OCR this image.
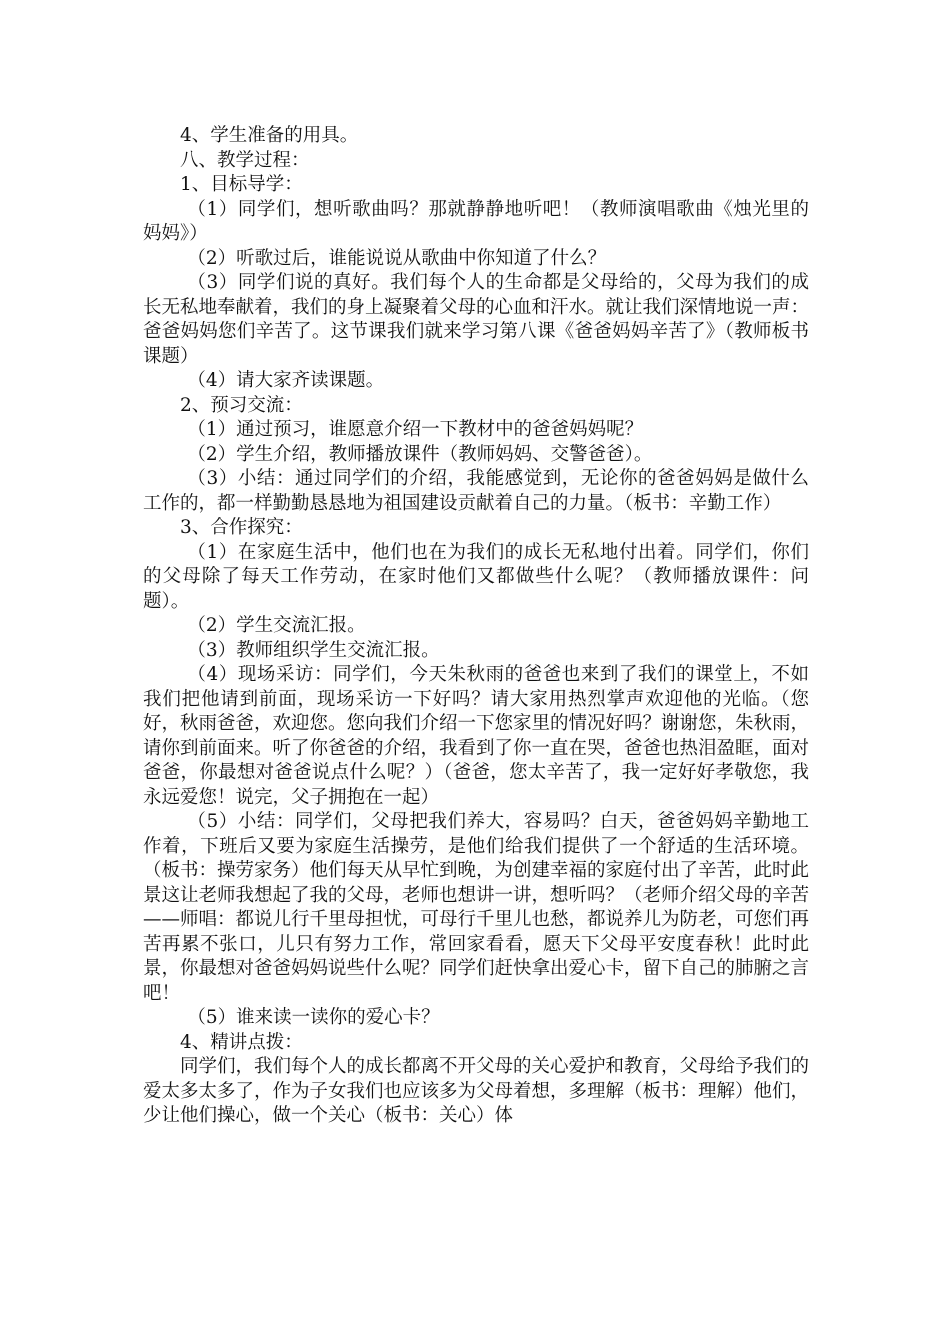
4、学生准备的用具。

八、教学过程：

1、目标导学：

（1）同学们，想听歌曲吗？那就静静地听吧！（教师演唱歌曲《烛光里的妈妈》）

（2）听歌过后，谁能说说从歌曲中你知道了什么？

（3）同学们说的真好。我们每个人的生命都是父母给的，父母为我们的成长无私地奉献着，我们的身上凝聚着父母的心血和汗水。就让我们深情地说一声：爸爸妈妈您们辛苦了。这节课我们就来学习第八课《爸爸妈妈辛苦了》（教师板书课题）

（4）请大家齐读课题。

2、预习交流：

（1）通过预习，谁愿意介绍一下教材中的爸爸妈妈呢？

（2）学生介绍，教师播放课件（教师妈妈、交警爸爸）。

（3）小结：通过同学们的介绍，我能感觉到，无论你的爸爸妈妈是做什么工作的，都一样勤勤恳恳地为祖国建设贡献着自己的力量。（板书：辛勤工作）

3、合作探究：

（1）在家庭生活中，他们也在为我们的成长无私地付出着。同学们，你们的父母除了每天工作劳动，在家时他们又都做些什么呢？（教师播放课件：问题）。

（2）学生交流汇报。

（3）教师组织学生交流汇报。

（4）现场采访：同学们，今天朱秋雨的爸爸也来到了我们的课堂上，不如我们把他请到前面，现场采访一下好吗？请大家用热烈掌声欢迎他的光临。（您好，秋雨爸爸，欢迎您。您向我们介绍一下您家里的情况好吗？谢谢您，朱秋雨，请你到前面来。听了你爸爸的介绍，我看到了你一直在哭，爸爸也热泪盈眶，面对爸爸，你最想对爸爸说点什么呢？）（爸爸，您太辛苦了，我一定好好孝敬您，我永远爱您！说完，父子拥抱在一起）

（5）小结：同学们，父母把我们养大，容易吗？白天，爸爸妈妈辛勤地工作着，下班后又要为家庭生活操劳，是他们给我们提供了一个舒适的生活环境。（板书：操劳家务）他们每天从早忙到晚，为创建幸福的家庭付出了辛苦，此时此景这让老师我想起了我的父母，老师也想讲一讲，想听吗？（老师介绍父母的辛苦——师唱：都说儿行千里母担忧，可母行千里儿也愁，都说养儿为防老，可您们再苦再累不张口，儿只有努力工作，常回家看看，愿天下父母平安度春秋！此时此景，你最想对爸爸妈妈说些什么呢？同学们赶快拿出爱心卡，留下自己的肺腑之言吧！

（5）谁来读一读你的爱心卡？

4、精讲点拨：

同学们，我们每个人的成长都离不开父母的关心爱护和教育，父母给予我们的爱太多太多了，作为子女我们也应该多为父母着想，多理解（板书：理解）他们，少让他们操心，做一个关心（板书：关心）体
